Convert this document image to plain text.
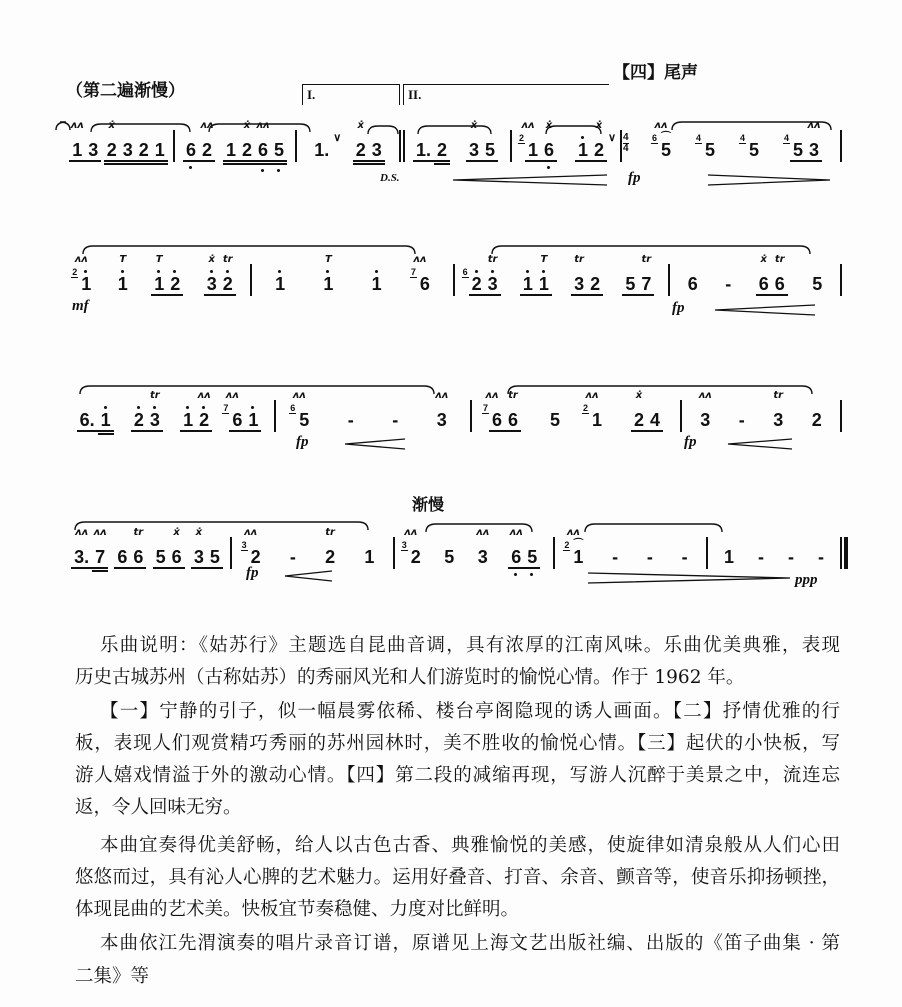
（第二遍渐慢）
【四】尾声
I.	II.
D.S.
4
4
渐慢
1
ʌʌ
3 2
ẋ
3 2 1 6 2
ʌʌ
1 2
ẋ
6
ʌʌ
5 1.
∨
2
ẋ
3 1. 2 3
ẋ
5 1
2
ʌʌ
6
ẋ
1 2
ẋ
∨
5
6 ⌒
ʌʌ
5
4
5
4
5
4
3
ʌʌ
1
2
ʌʌ
1
T
1
T
2 3
ẋ
2
tr
1 1
T
1 6
7
ʌʌ
2
6
3
tr
1 1
T
3
tr
2 5 7
tr
6 - 6
ẋ
6
tr
5
6. 1 2 3
tr
1 2
ʌʌ
6
7
ʌʌ
1 5
6
ʌʌ
- - 3
ʌʌ
6
7
ʌʌ
6
tr
5 1
2
ʌʌ
2
ẋ
4 3
ʌʌ
- 3
tr
2
3.
ʌʌ
7
ʌʌ
6 6
tr
5 6
ẋ
3
ẋ
5 2
3
ʌʌ
- 2
tr
1 2
3
ʌʌ
5 3
ʌʌ
6
ʌʌ
5 1
2 ⌒
ʌʌ
- - - 1 - - -
乐曲说明：《姑苏行》主题选自昆曲音调，具有浓厚的江南风味。乐曲优美典雅，表现
历史古城苏州（古称姑苏）的秀丽风光和人们游览时的愉悦心情。作于 1962 年。
【一】宁静的引子，似一幅晨雾依稀、楼台亭阁隐现的诱人画面。【二】抒情优雅的行
板，表现人们观赏精巧秀丽的苏州园林时，美不胜收的愉悦心情。【三】起伏的小快板，写
游人嬉戏情溢于外的激动心情。【四】第二段的减缩再现，写游人沉醉于美景之中，流连忘
返，令人回味无穷。
本曲宜奏得优美舒畅，给人以古色古香、典雅愉悦的美感，使旋律如清泉般从人们心田
悠悠而过，具有沁人心脾的艺术魅力。运用好叠音、打音、余音、颤音等，使音乐抑扬顿挫，
体现昆曲的艺术美。快板宜节奏稳健、力度对比鲜明。
本曲依江先渭演奏的唱片录音订谱，原谱见上海文艺出版社编、出版的《笛子曲集 · 第
二集》等
fp
mf	fp
fp	fp
fp	ppp
